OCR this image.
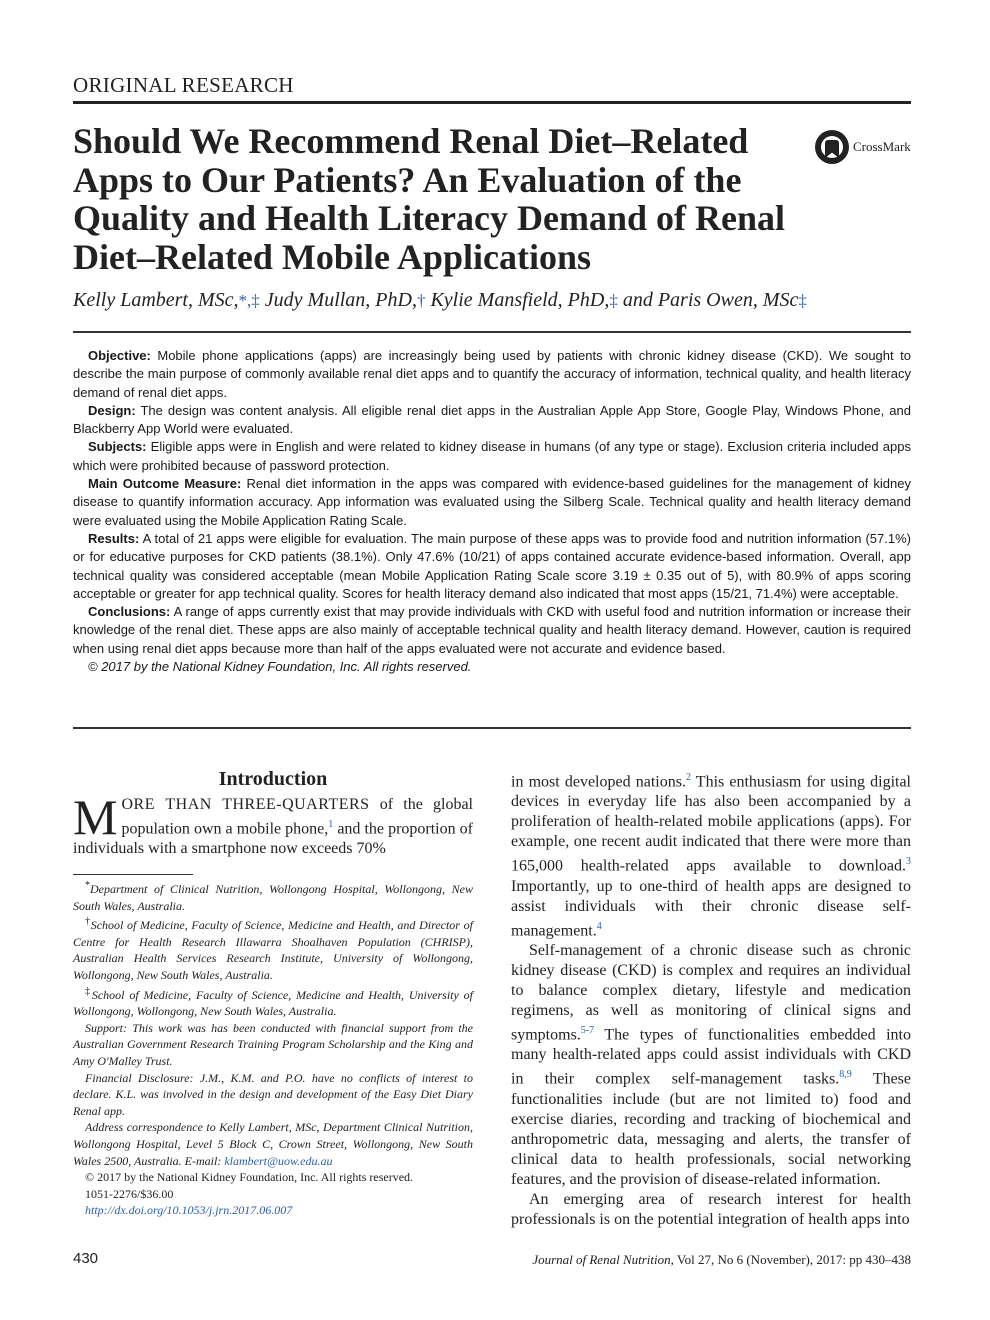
ORIGINAL RESEARCH
Should We Recommend Renal Diet–Related Apps to Our Patients? An Evaluation of the Quality and Health Literacy Demand of Renal Diet–Related Mobile Applications
CrossMark
Kelly Lambert, MSc,*,‡ Judy Mullan, PhD,† Kylie Mansfield, PhD,‡ and Paris Owen, MSc‡

Objective: Mobile phone applications (apps) are increasingly being used by patients with chronic kidney disease (CKD). We sought to describe the main purpose of commonly available renal diet apps and to quantify the accuracy of information, technical quality, and health literacy demand of renal diet apps.

Design: The design was content analysis. All eligible renal diet apps in the Australian Apple App Store, Google Play, Windows Phone, and Blackberry App World were evaluated.

Subjects: Eligible apps were in English and were related to kidney disease in humans (of any type or stage). Exclusion criteria included apps which were prohibited because of password protection.

Main Outcome Measure: Renal diet information in the apps was compared with evidence-based guidelines for the management of kidney disease to quantify information accuracy. App information was evaluated using the Silberg Scale. Technical quality and health literacy demand were evaluated using the Mobile Application Rating Scale.

Results: A total of 21 apps were eligible for evaluation. The main purpose of these apps was to provide food and nutrition information (57.1%) or for educative purposes for CKD patients (38.1%). Only 47.6% (10/21) of apps contained accurate evidence-based information. Overall, app technical quality was considered acceptable (mean Mobile Application Rating Scale score 3.19 ± 0.35 out of 5), with 80.9% of apps scoring acceptable or greater for app technical quality. Scores for health literacy demand also indicated that most apps (15/21, 71.4%) were acceptable.

Conclusions: A range of apps currently exist that may provide individuals with CKD with useful food and nutrition information or increase their knowledge of the renal diet. These apps are also mainly of acceptable technical quality and health literacy demand. However, caution is required when using renal diet apps because more than half of the apps evaluated were not accurate and evidence based.

© 2017 by the National Kidney Foundation, Inc. All rights reserved.

Introduction

MORE THAN THREE-QUARTERS of the global population own a mobile phone,$^1$ and the proportion of individuals with a smartphone now exceeds 70%

*Department of Clinical Nutrition, Wollongong Hospital, Wollongong, New South Wales, Australia.

†School of Medicine, Faculty of Science, Medicine and Health, and Director of Centre for Health Research Illawarra Shoalhaven Population (CHRISP), Australian Health Services Research Institute, University of Wollongong, Wollongong, New South Wales, Australia.

‡School of Medicine, Faculty of Science, Medicine and Health, University of Wollongong, Wollongong, New South Wales, Australia.

Support: This work was has been conducted with financial support from the Australian Government Research Training Program Scholarship and the King and Amy O'Malley Trust.

Financial Disclosure: J.M., K.M. and P.O. have no conflicts of interest to declare. K.L. was involved in the design and development of the Easy Diet Diary Renal app.

Address correspondence to Kelly Lambert, MSc, Department Clinical Nutrition, Wollongong Hospital, Level 5 Block C, Crown Street, Wollongong, New South Wales 2500, Australia. E-mail: klambert@uow.edu.au

© 2017 by the National Kidney Foundation, Inc. All rights reserved.

1051-2276/$36.00

http://dx.doi.org/10.1053/j.jrn.2017.06.007

in most developed nations.$^2$ This enthusiasm for using digital devices in everyday life has also been accompanied by a proliferation of health-related mobile applications (apps). For example, one recent audit indicated that there were more than 165,000 health-related apps available to download.$^3$ Importantly, up to one-third of health apps are designed to assist individuals with their chronic disease self-management.$^4$

Self-management of a chronic disease such as chronic kidney disease (CKD) is complex and requires an individual to balance complex dietary, lifestyle and medication regimens, as well as monitoring of clinical signs and symptoms.$^{5-7}$ The types of functionalities embedded into many health-related apps could assist individuals with CKD in their complex self-management tasks.$^{8,9}$ These functionalities include (but are not limited to) food and exercise diaries, recording and tracking of biochemical and anthropometric data, messaging and alerts, the transfer of clinical data to health professionals, social networking features, and the provision of disease-related information.

An emerging area of research interest for health professionals is on the potential integration of health apps into

430	Journal of Renal Nutrition, Vol 27, No 6 (November), 2017: pp 430–438
